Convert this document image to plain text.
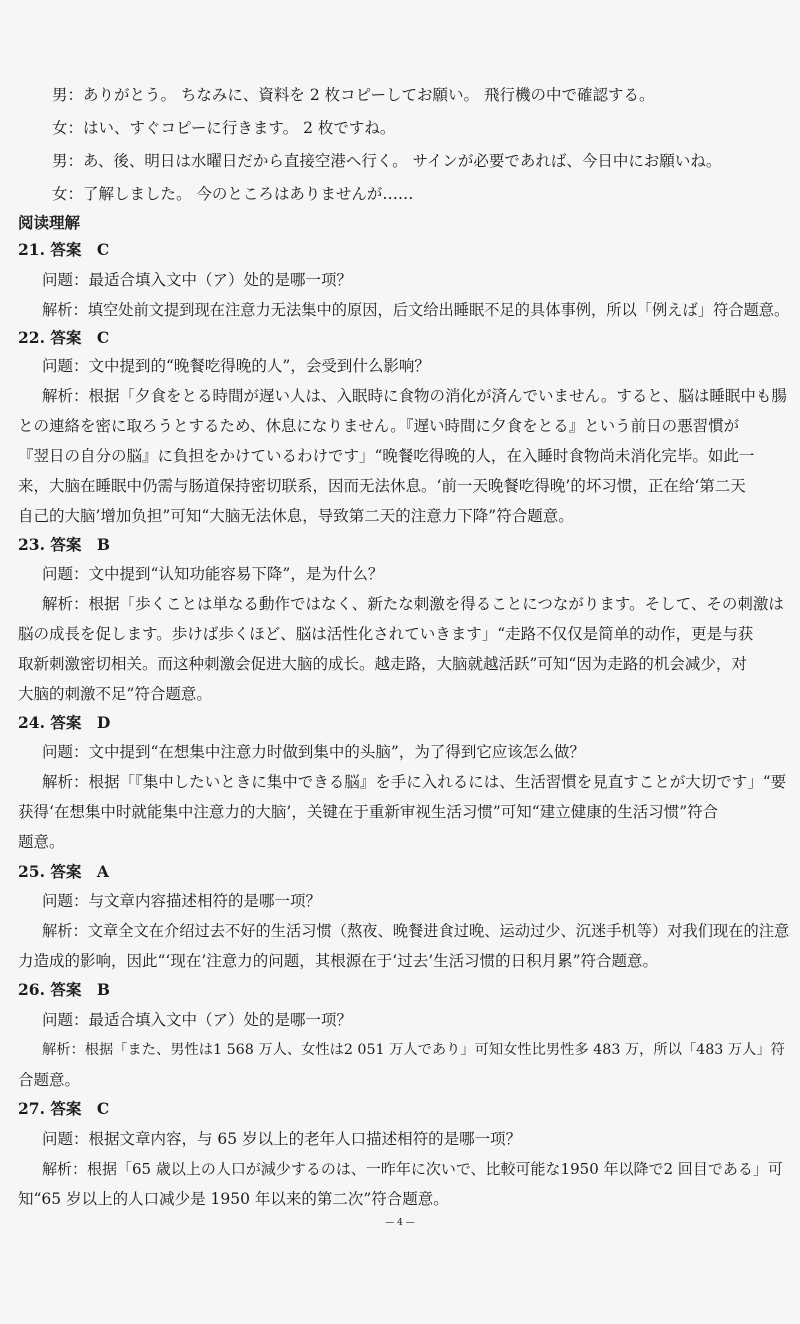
男：ありがとう。 ちなみに、資料を 2 枚コピーしてお願い。 飛行機の中で確認する。
女：はい、すぐコピーに行きます。 2 枚ですね。
男：あ、後、明日は水曜日だから直接空港へ行く。 サインが必要であれば、今日中にお願いね。
女：了解しました。 今のところはありませんが……
阅读理解
21. 答案　C
问题：最适合填入文中（ア）处的是哪一项？
解析：填空处前文提到现在注意力无法集中的原因，后文给出睡眠不足的具体事例，所以「例えば」符合题意。
22. 答案　C
问题：文中提到的“晚餐吃得晚的人”，会受到什么影响？
解析：根据「夕食をとる時間が遅い人は、入眠時に食物の消化が済んでいません。すると、脳は睡眠中も腸
との連絡を密に取ろうとするため、休息になりません。『遅い時間に夕食をとる』という前日の悪習慣が
『翌日の自分の脳』に負担をかけているわけです」“晚餐吃得晚的人，在入睡时食物尚未消化完毕。如此一
来，大脑在睡眠中仍需与肠道保持密切联系，因而无法休息。‘前一天晚餐吃得晚’的坏习惯，正在给‘第二天
自己的大脑’增加负担”可知“大脑无法休息，导致第二天的注意力下降”符合题意。
23. 答案　B
问题：文中提到“认知功能容易下降”，是为什么？
解析：根据「歩くことは単なる動作ではなく、新たな刺激を得ることにつながります。そして、その刺激は
脳の成長を促します。歩けば歩くほど、脳は活性化されていきます」“走路不仅仅是简单的动作，更是与获
取新刺激密切相关。而这种刺激会促进大脑的成长。越走路，大脑就越活跃”可知“因为走路的机会减少，对
大脑的刺激不足”符合题意。
24. 答案　D
问题：文中提到“在想集中注意力时做到集中的头脑”，为了得到它应该怎么做？
解析：根据「『集中したいときに集中できる脳』を手に入れるには、生活習慣を見直すことが大切です」“要
获得‘在想集中时就能集中注意力的大脑’，关键在于重新审视生活习惯”可知“建立健康的生活习惯”符合
题意。
25. 答案　A
问题：与文章内容描述相符的是哪一项？
解析：文章全文在介绍过去不好的生活习惯（熬夜、晚餐进食过晚、运动过少、沉迷手机等）对我们现在的注意
力造成的影响，因此“‘现在’注意力的问题，其根源在于‘过去’生活习惯的日积月累”符合题意。
26. 答案　B
问题：最适合填入文中（ア）处的是哪一项？
解析：根据「また、男性は1 568 万人、女性は2 051 万人であり」可知女性比男性多 483 万，所以「483 万人」符
合题意。
27. 答案　C
问题：根据文章内容，与 65 岁以上的老年人口描述相符的是哪一项？
解析：根据「65 歳以上の人口が減少するのは、一昨年に次いで、比較可能な1950 年以降で2 回目である」可
知“65 岁以上的人口减少是 1950 年以来的第二次”符合题意。
— 4 —
